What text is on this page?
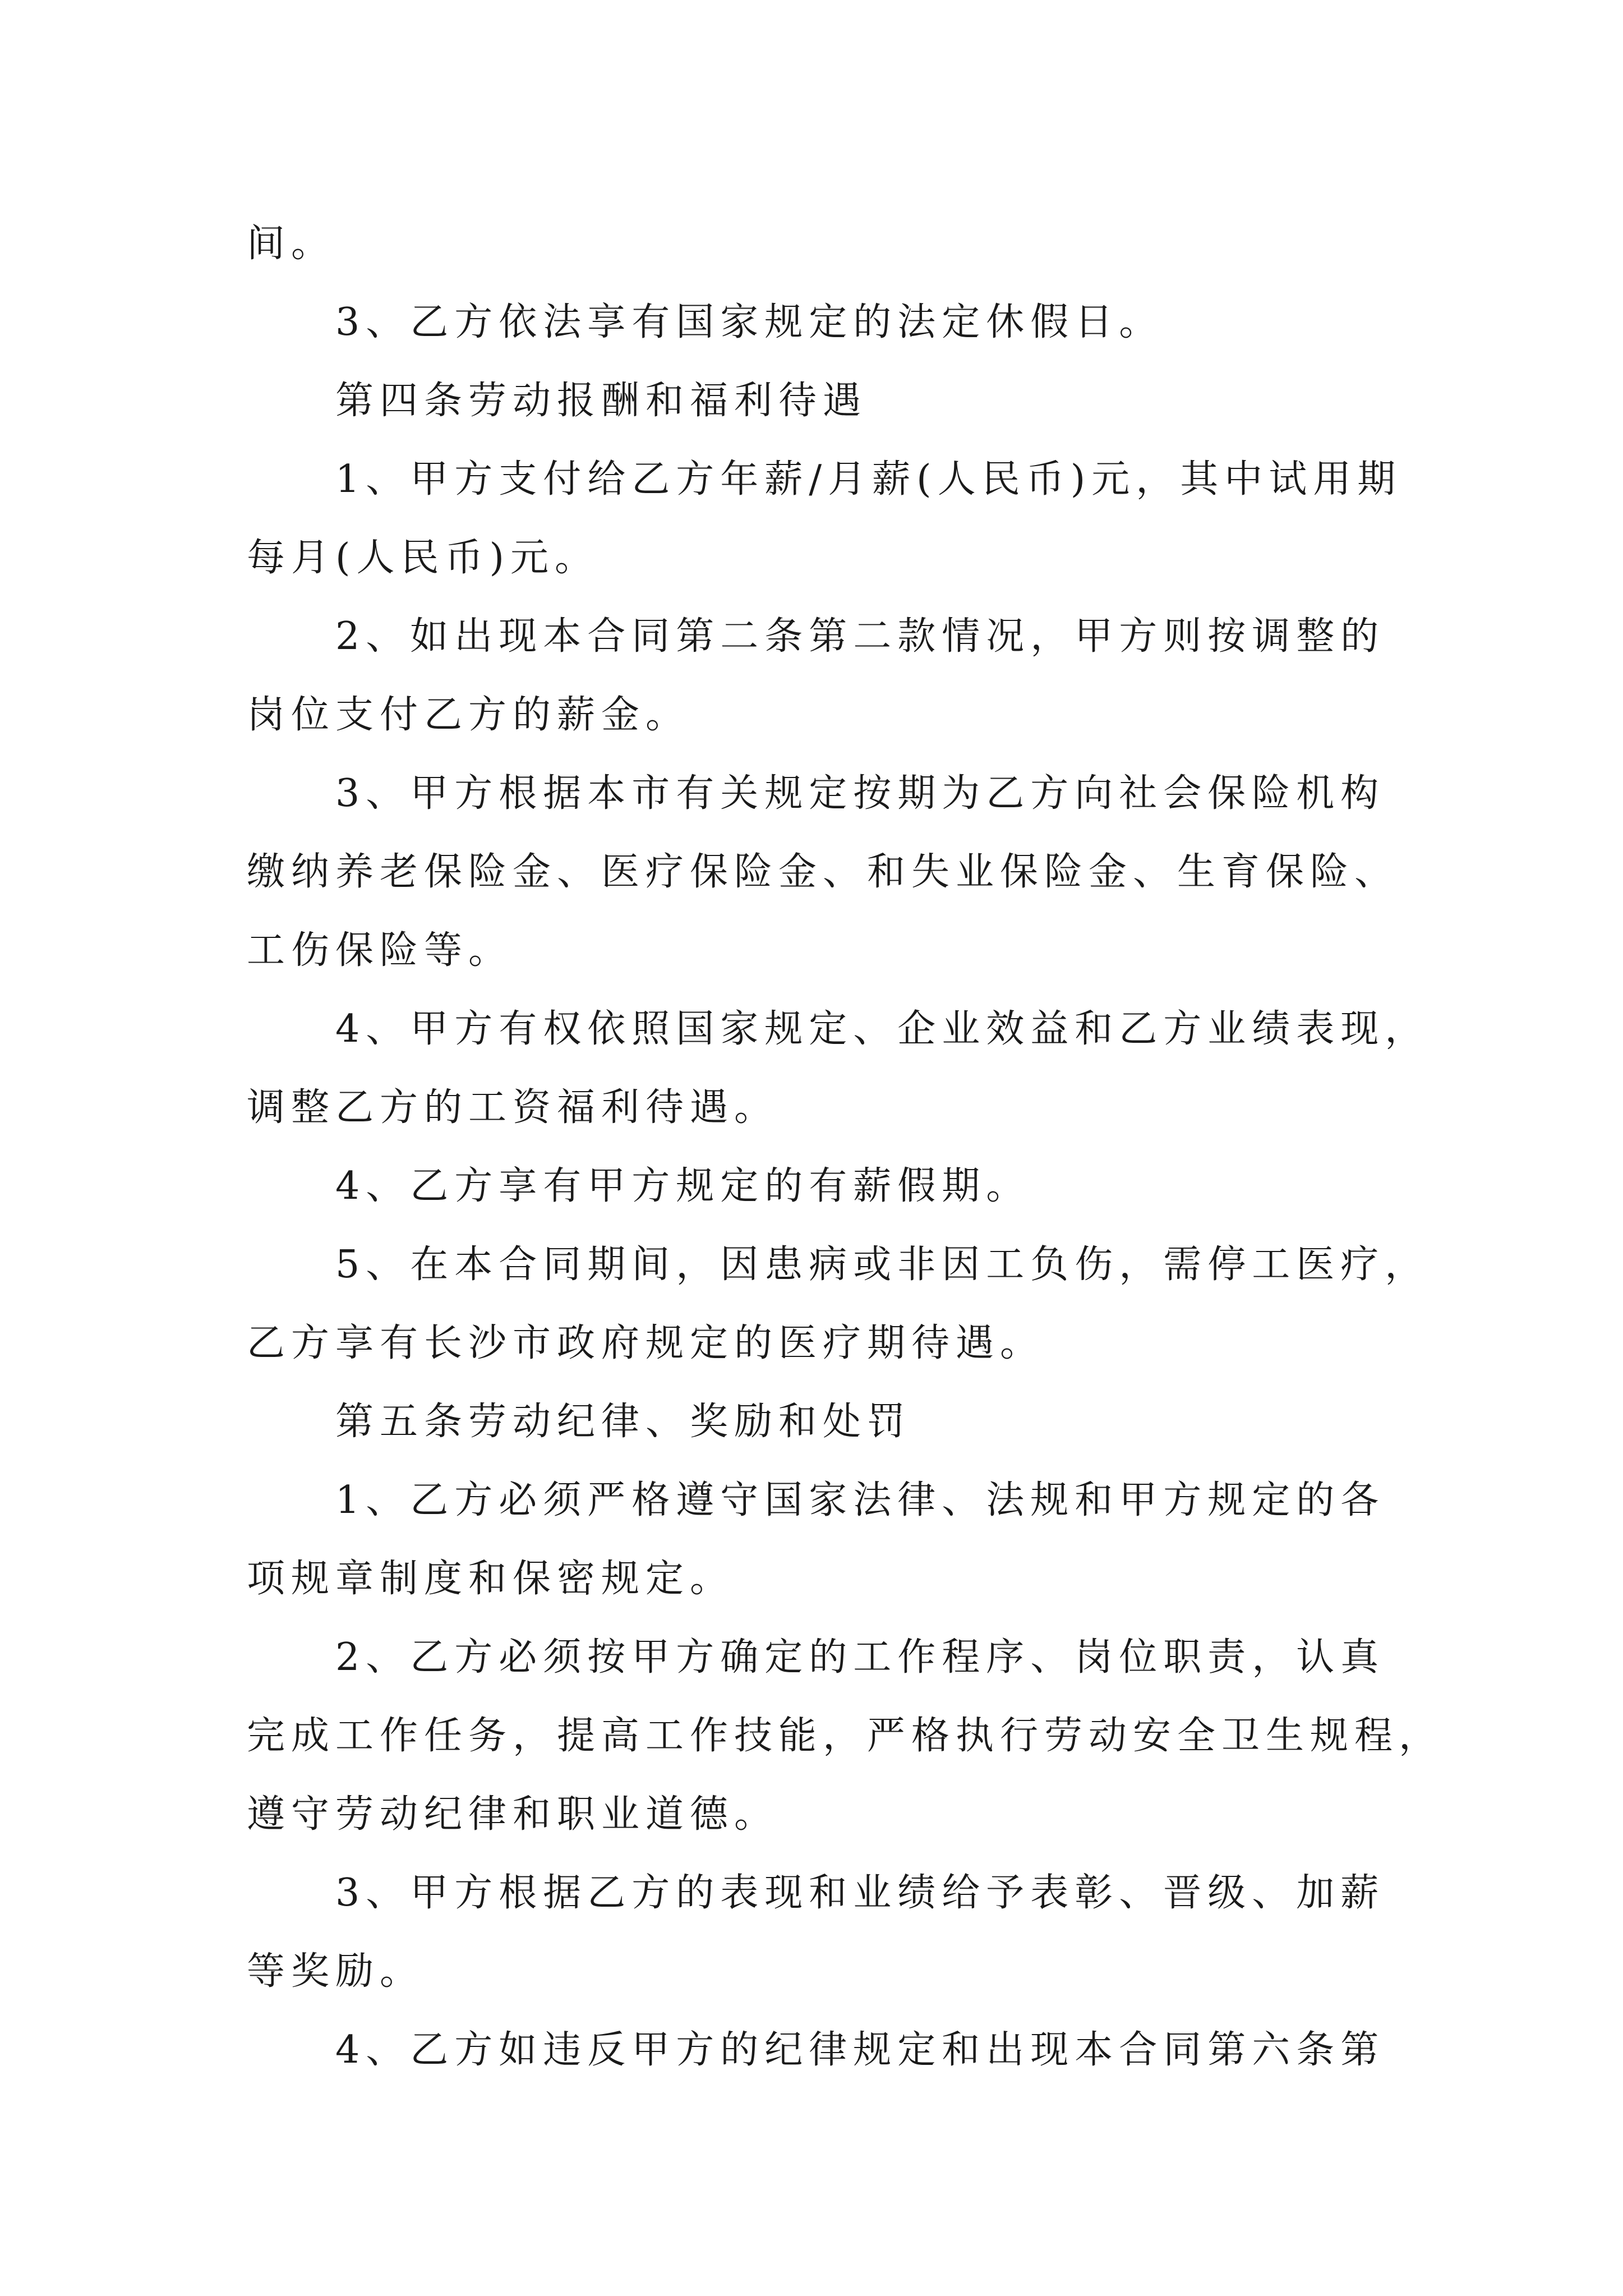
间。
3、乙方依法享有国家规定的法定休假日。
第四条劳动报酬和福利待遇
1、甲方支付给乙方年薪/月薪(人民币)元，其中试用期
每月(人民币)元。
2、如出现本合同第二条第二款情况，甲方则按调整的
岗位支付乙方的薪金。
3、甲方根据本市有关规定按期为乙方向社会保险机构
缴纳养老保险金、医疗保险金、和失业保险金、生育保险、
工伤保险等。
4、甲方有权依照国家规定、企业效益和乙方业绩表现，
调整乙方的工资福利待遇。
4、乙方享有甲方规定的有薪假期。
5、在本合同期间，因患病或非因工负伤，需停工医疗，
乙方享有长沙市政府规定的医疗期待遇。
第五条劳动纪律、奖励和处罚
1、乙方必须严格遵守国家法律、法规和甲方规定的各
项规章制度和保密规定。
2、乙方必须按甲方确定的工作程序、岗位职责，认真
完成工作任务，提高工作技能，严格执行劳动安全卫生规程，
遵守劳动纪律和职业道德。
3、甲方根据乙方的表现和业绩给予表彰、晋级、加薪
等奖励。
4、乙方如违反甲方的纪律规定和出现本合同第六条第
